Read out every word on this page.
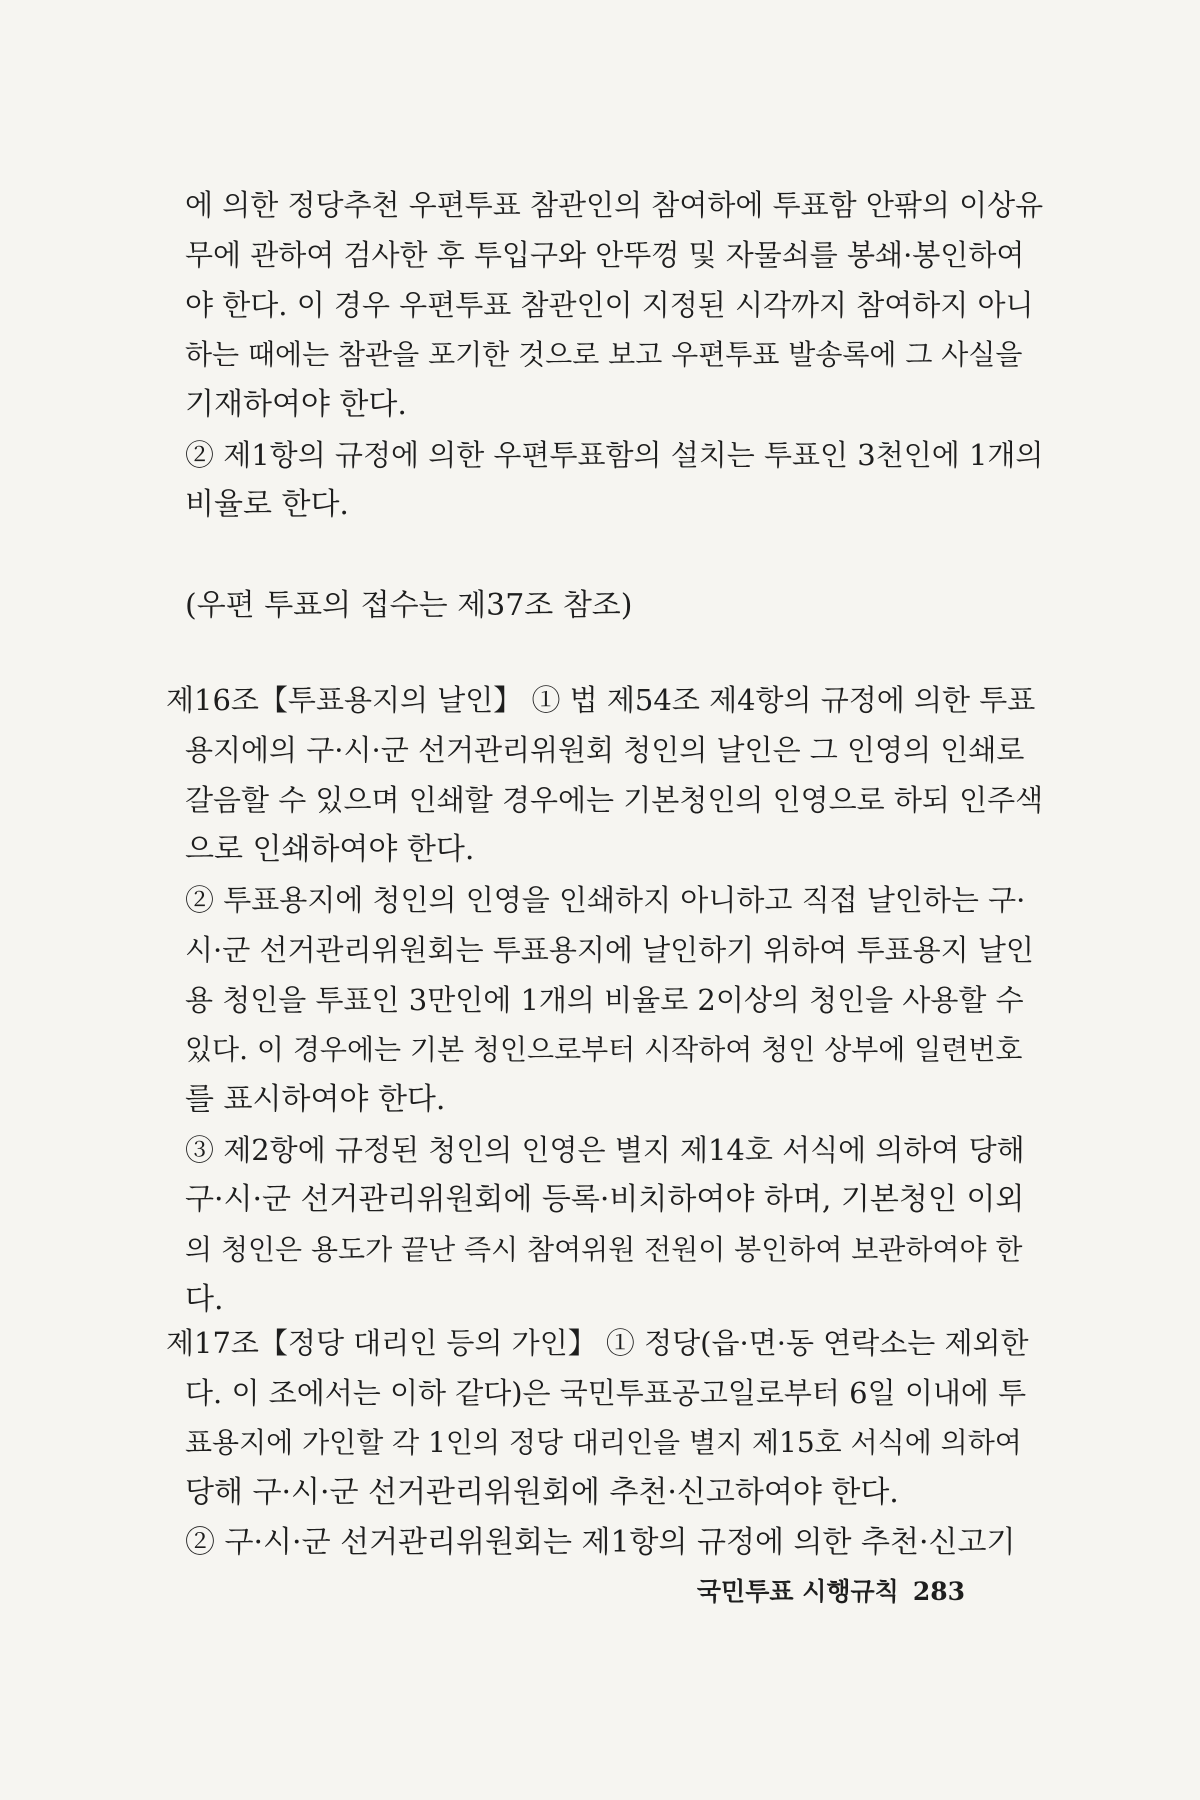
에 의한 정당추천 우편투표 참관인의 참여하에 투표함 안팎의 이상유
무에 관하여 검사한 후 투입구와 안뚜껑 및 자물쇠를 봉쇄·봉인하여
야 한다. 이 경우 우편투표 참관인이 지정된 시각까지 참여하지 아니
하는 때에는 참관을 포기한 것으로 보고 우편투표 발송록에 그 사실을
기재하여야 한다.
② 제1항의 규정에 의한 우편투표함의 설치는 투표인 3천인에 1개의
비율로 한다.
(우편 투표의 접수는 제37조 참조)
제16조【투표용지의 날인】 ① 법 제54조 제4항의 규정에 의한 투표
용지에의 구·시·군 선거관리위원회 청인의 날인은 그 인영의 인쇄로
갈음할 수 있으며 인쇄할 경우에는 기본청인의 인영으로 하되 인주색
으로 인쇄하여야 한다.
② 투표용지에 청인의 인영을 인쇄하지 아니하고 직접 날인하는 구·
시·군 선거관리위원회는 투표용지에 날인하기 위하여 투표용지 날인
용 청인을 투표인 3만인에 1개의 비율로 2이상의 청인을 사용할 수
있다. 이 경우에는 기본 청인으로부터 시작하여 청인 상부에 일련번호
를 표시하여야 한다.
③ 제2항에 규정된 청인의 인영은 별지 제14호 서식에 의하여 당해
구·시·군 선거관리위원회에 등록·비치하여야 하며, 기본청인 이외
의 청인은 용도가 끝난 즉시 참여위원 전원이 봉인하여 보관하여야 한
다.
제17조【정당 대리인 등의 가인】 ① 정당(읍·면·동 연락소는 제외한
다. 이 조에서는 이하 같다)은 국민투표공고일로부터 6일 이내에 투
표용지에 가인할 각 1인의 정당 대리인을 별지 제15호 서식에 의하여
당해 구·시·군 선거관리위원회에 추천·신고하여야 한다.
② 구·시·군 선거관리위원회는 제1항의 규정에 의한 추천·신고기
국민투표 시행규칙 283
